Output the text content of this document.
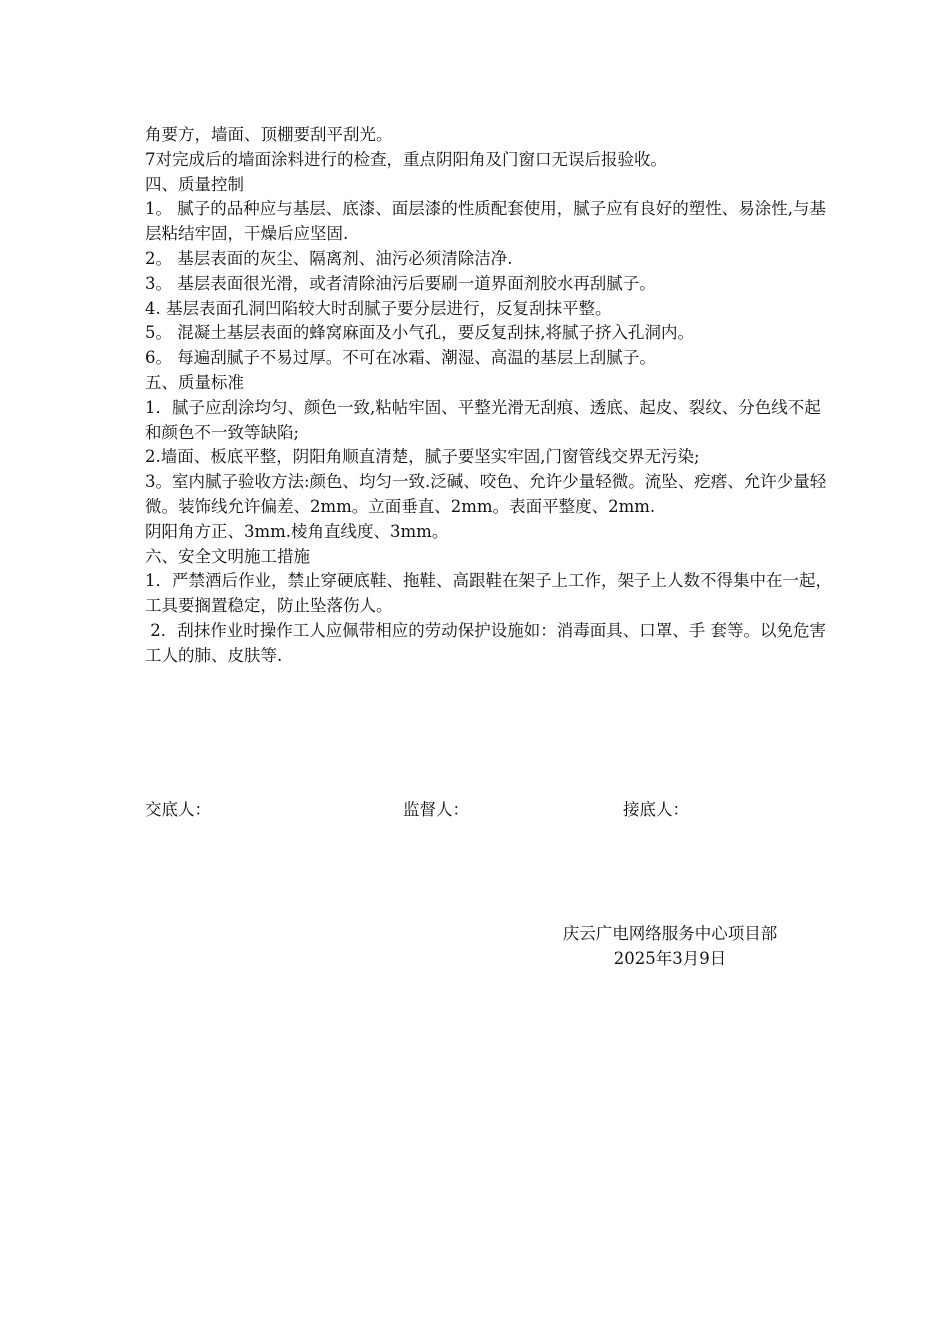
角要方，墙面、顶棚要刮平刮光。

7对完成后的墙面涂料进行的检查，重点阴阳角及门窗口无误后报验收。

四、质量控制

1。 腻子的品种应与基层、底漆、面层漆的性质配套使用，腻子应有良好的塑性、易涂性,与基层粘结牢固，干燥后应坚固.

2。 基层表面的灰尘、隔离剂、油污必须清除洁净.

3。 基层表面很光滑，或者清除油污后要刷一道界面剂胶水再刮腻子。

4. 基层表面孔洞凹陷较大时刮腻子要分层进行，反复刮抹平整。

5。 混凝土基层表面的蜂窝麻面及小气孔，要反复刮抹,将腻子挤入孔洞内。

6。 每遍刮腻子不易过厚。不可在冰霜、潮湿、高温的基层上刮腻子。

五、质量标准

1．腻子应刮涂均匀、颜色一致,粘帖牢固、平整光滑无刮痕、透底、起皮、裂纹、分色线不起和颜色不一致等缺陷;

2.墙面、板底平整，阴阳角顺直清楚，腻子要坚实牢固,门窗管线交界无污染;

3。室内腻子验收方法:颜色、均匀一致.泛碱、咬色、允许少量轻微。流坠、疙瘩、允许少量轻微。装饰线允许偏差、2mm。立面垂直、2mm。表面平整度、2mm.

阴阳角方正、3mm.棱角直线度、3mm。

六、安全文明施工措施

1．严禁酒后作业，禁止穿硬底鞋、拖鞋、高跟鞋在架子上工作，架子上人数不得集中在一起，工具要搁置稳定，防止坠落伤人。

2．刮抹作业时操作工人应佩带相应的劳动保护设施如：消毒面具、口罩、手 套等。以免危害工人的肺、皮肤等.

交底人：	监督人：	接底人：
庆云广电网络服务中心项目部
2025年3月9日
